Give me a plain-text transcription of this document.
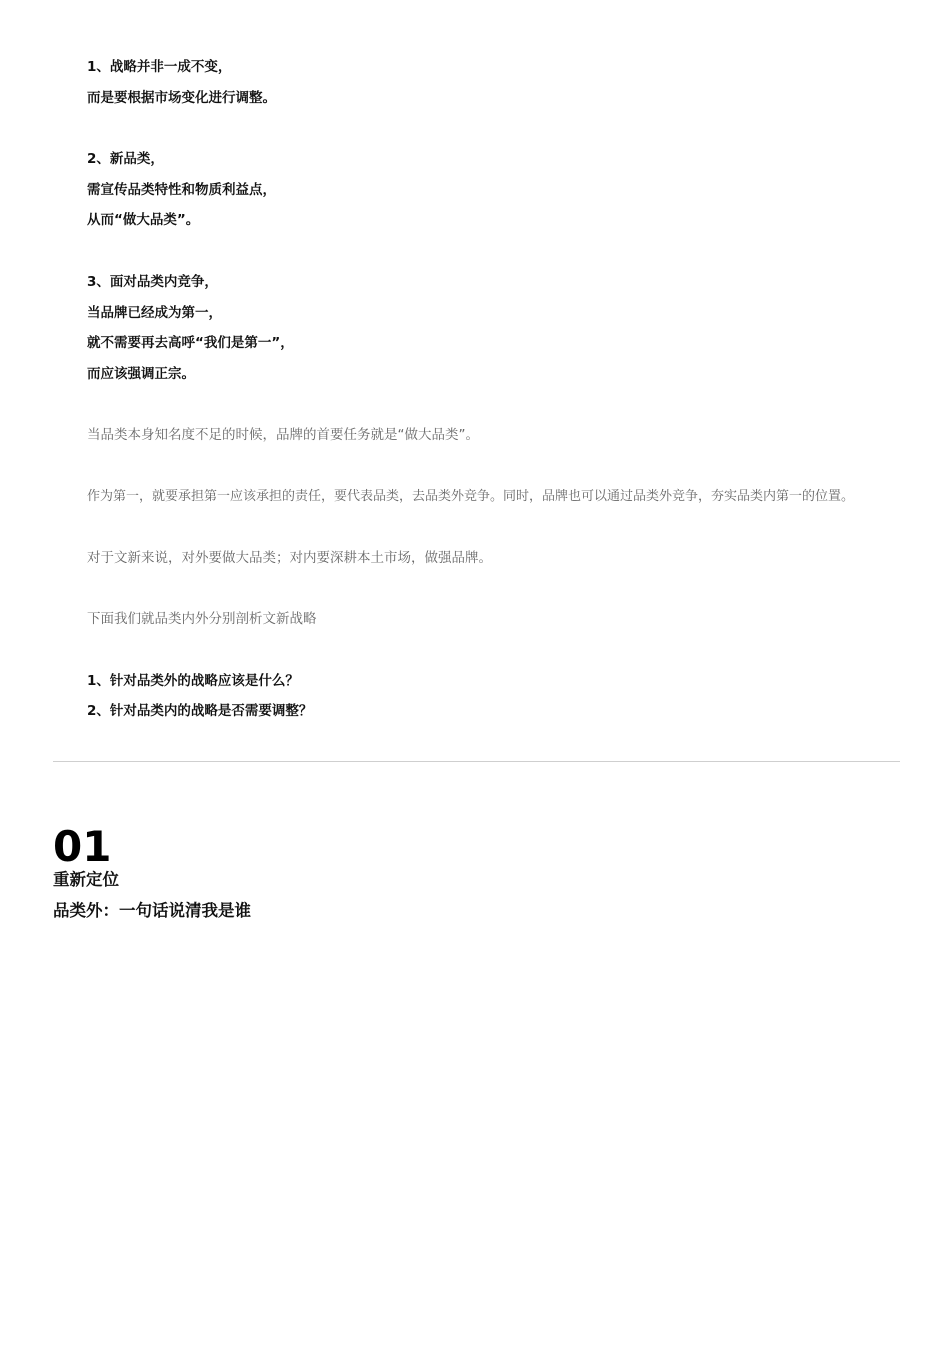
1、战略并非一成不变，
而是要根据市场变化进行调整。
2、新品类，
需宣传品类特性和物质利益点，
从而“做大品类”。
3、面对品类内竞争，
当品牌已经成为第一，
就不需要再去高呼“我们是第一”，
而应该强调正宗。
当品类本身知名度不足的时候，品牌的首要任务就是“做大品类”。
作为第一，就要承担第一应该承担的责任，要代表品类，去品类外竞争。同时，品牌也可以通过品类外竞争，夯实品类内第一的位置。
对于文新来说，对外要做大品类；对内要深耕本土市场，做强品牌。
下面我们就品类内外分别剖析文新战略
1、针对品类外的战略应该是什么？
2、针对品类内的战略是否需要调整？
01
重新定位
品类外：一句话说清我是谁
